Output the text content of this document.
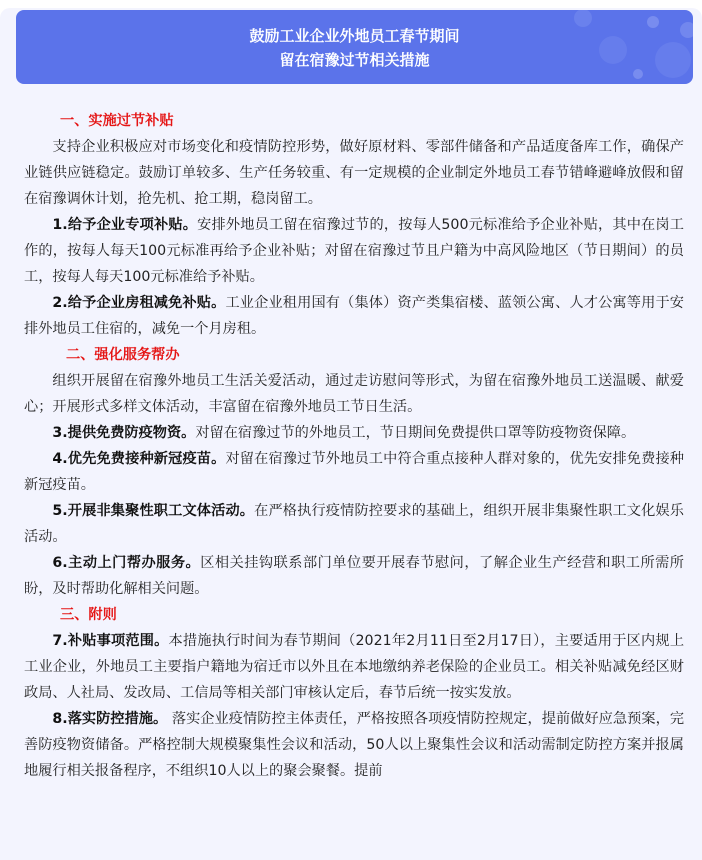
鼓励工业企业外地员工春节期间
留在宿豫过节相关措施
一、实施过节补贴

支持企业积极应对市场变化和疫情防控形势，做好原材料、零部件储备和产品适度备库工作，确保产业链供应链稳定。鼓励订单较多、生产任务较重、有一定规模的企业制定外地员工春节错峰避峰放假和留在宿豫调休计划，抢先机、抢工期，稳岗留工。

1.给予企业专项补贴。安排外地员工留在宿豫过节的，按每人500元标准给予企业补贴，其中在岗工作的，按每人每天100元标准再给予企业补贴；对留在宿豫过节且户籍为中高风险地区（节日期间）的员工，按每人每天100元标准给予补贴。

2.给予企业房租减免补贴。工业企业租用国有（集体）资产类集宿楼、蓝领公寓、人才公寓等用于安排外地员工住宿的，减免一个月房租。

二、强化服务帮办

组织开展留在宿豫外地员工生活关爱活动，通过走访慰问等形式，为留在宿豫外地员工送温暖、献爱心；开展形式多样文体活动，丰富留在宿豫外地员工节日生活。

3.提供免费防疫物资。对留在宿豫过节的外地员工，节日期间免费提供口罩等防疫物资保障。

4.优先免费接种新冠疫苗。对留在宿豫过节外地员工中符合重点接种人群对象的，优先安排免费接种新冠疫苗。

5.开展非集聚性职工文体活动。在严格执行疫情防控要求的基础上，组织开展非集聚性职工文化娱乐活动。

6.主动上门帮办服务。区相关挂钩联系部门单位要开展春节慰问，了解企业生产经营和职工所需所盼，及时帮助化解相关问题。

三、附则

7.补贴事项范围。本措施执行时间为春节期间（2021年2月11日至2月17日），主要适用于区内规上工业企业，外地员工主要指户籍地为宿迁市以外且在本地缴纳养老保险的企业员工。相关补贴减免经区财政局、人社局、发改局、工信局等相关部门审核认定后，春节后统一按实发放。

8.落实防控措施。 落实企业疫情防控主体责任，严格按照各项疫情防控规定，提前做好应急预案，完善防疫物资储备。严格控制大规模聚集性会议和活动，50人以上聚集性会议和活动需制定防控方案并报属地履行相关报备程序，不组织10人以上的聚会聚餐。提前
